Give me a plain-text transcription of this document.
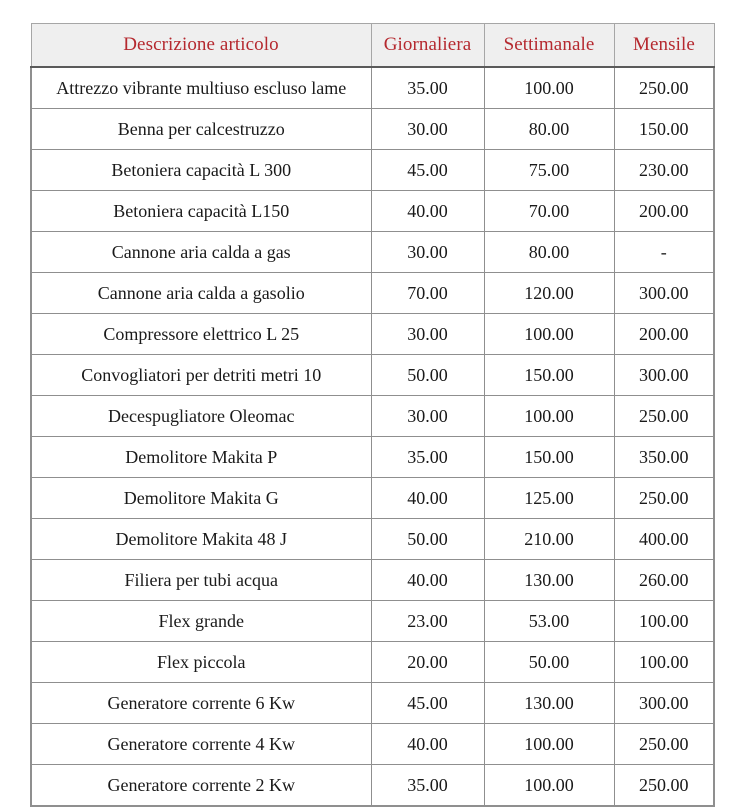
Descrizione articolo	Giornaliera	Settimanale	Mensile
Attrezzo vibrante multiuso escluso lame	35.00	100.00	250.00
Benna per calcestruzzo	30.00	80.00	150.00
Betoniera capacità L 300	45.00	75.00	230.00
Betoniera capacità L150	40.00	70.00	200.00
Cannone aria calda a gas	30.00	80.00	-
Cannone aria calda a gasolio	70.00	120.00	300.00
Compressore elettrico L 25	30.00	100.00	200.00
Convogliatori per detriti metri 10	50.00	150.00	300.00
Decespugliatore Oleomac	30.00	100.00	250.00
Demolitore Makita P	35.00	150.00	350.00
Demolitore Makita G	40.00	125.00	250.00
Demolitore Makita 48 J	50.00	210.00	400.00
Filiera per tubi acqua	40.00	130.00	260.00
Flex grande	23.00	53.00	100.00
Flex piccola	20.00	50.00	100.00
Generatore corrente 6 Kw	45.00	130.00	300.00
Generatore corrente 4 Kw	40.00	100.00	250.00
Generatore corrente 2 Kw	35.00	100.00	250.00
